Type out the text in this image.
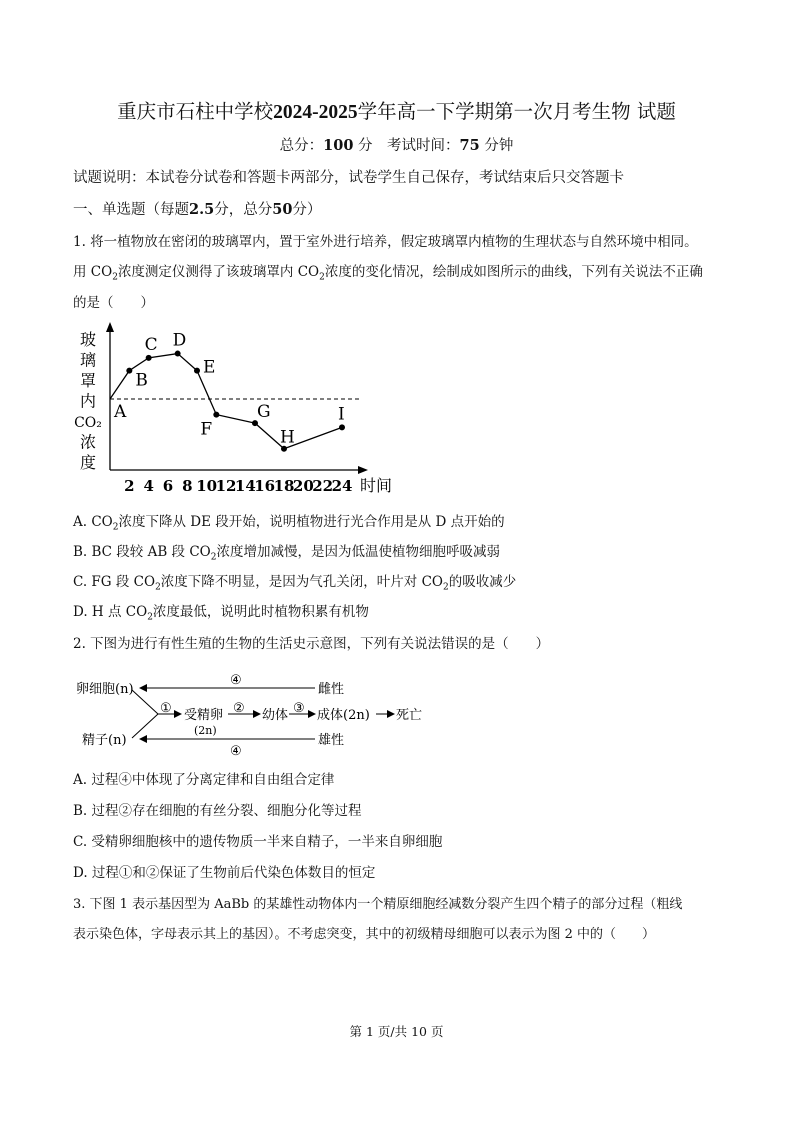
重庆市石柱中学校2024-2025学年高一下学期第一次月考生物 试题
总分：100 分  考试时间：75 分钟
试题说明：本试卷分试卷和答题卡两部分，试卷学生自己保存，考试结束后只交答题卡
一、单选题（每题2.5分，总分50分）
1. 将一植物放在密闭的玻璃罩内，置于室外进行培养，假定玻璃罩内植物的生理状态与自然环境中相同。
用 $CO_2$浓度测定仪测得了该玻璃罩内 $CO_2$浓度的变化情况，绘制成如图所示的曲线，下列有关说法不正确
的是（　　）
玻
璃
罩
内
CO₂
浓
度
2 4 6 8 10
12
14
16
18
20
22
24 时间
A
B
C D
E
F
G
H
I
A. $CO_2$浓度下降从 DE 段开始，说明植物进行光合作用是从 D 点开始的
B. BC 段较 AB 段 $CO_2$浓度增加减慢，是因为低温使植物细胞呼吸减弱
C. FG 段 $CO_2$浓度下降不明显，是因为气孔关闭，叶片对 $CO_2$的吸收减少
D. H 点 $CO_2$浓度最低，说明此时植物积累有机物
2. 下图为进行有性生殖的生物的生活史示意图，下列有关说法错误的是（　　）
卵细胞(n)	雌性
④
① 受精卵
(2n)
② 幼体 ③ 成体(2n) 死亡
精子(n)	雄性
④
A. 过程④中体现了分离定律和自由组合定律
B. 过程②存在细胞的有丝分裂、细胞分化等过程
C. 受精卵细胞核中的遗传物质一半来自精子，一半来自卵细胞
D. 过程①和②保证了生物前后代染色体数目的恒定
3. 下图 1 表示基因型为 AaBb 的某雄性动物体内一个精原细胞经减数分裂产生四个精子的部分过程（粗线
表示染色体，字母表示其上的基因）。不考虑突变，其中的初级精母细胞可以表示为图 2 中的（　　）
第 1 页/共 10 页
